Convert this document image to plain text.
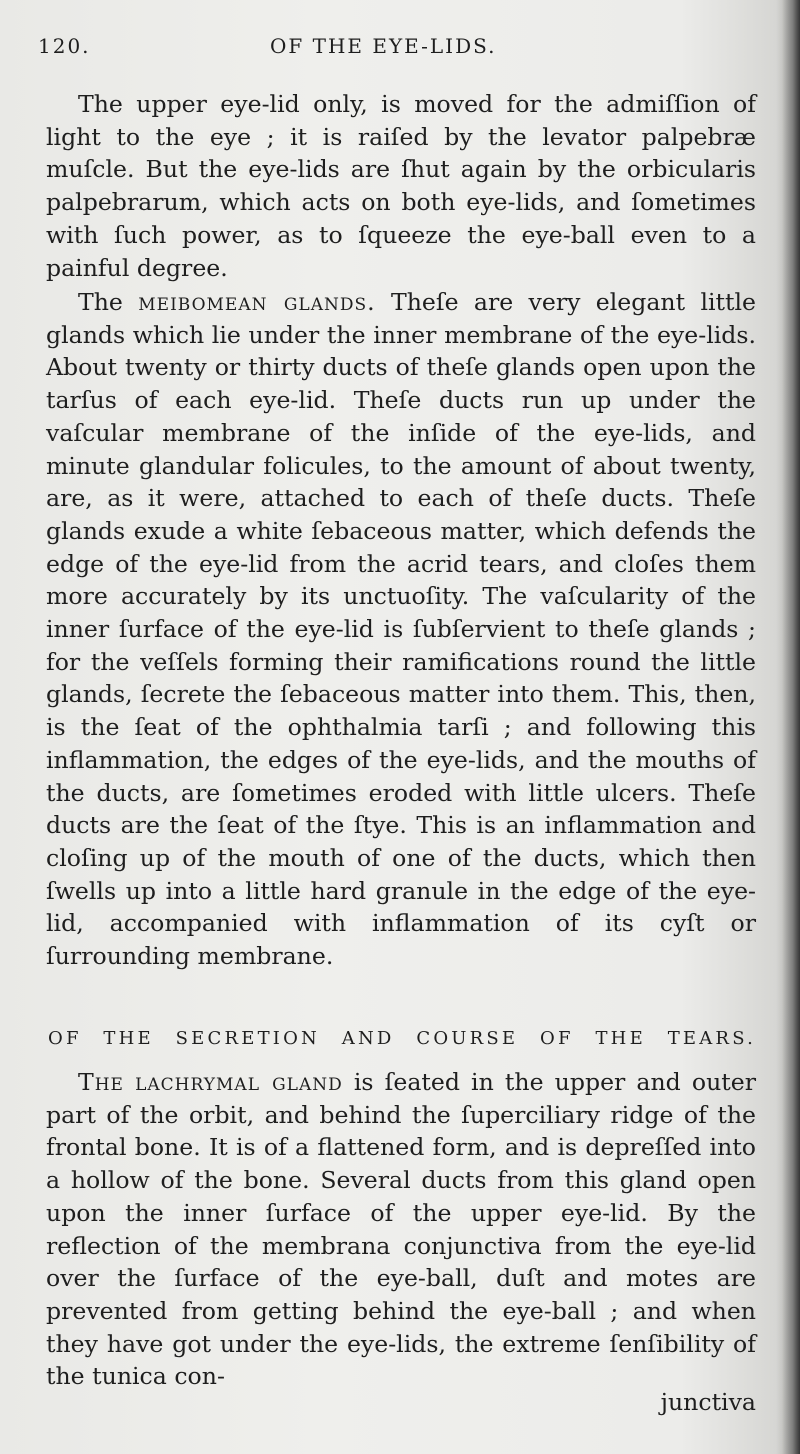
120.	OF THE EYE-LIDS.

The upper eye-lid only, is moved for the admiſſion of light to the eye ; it is raiſed by the levator palpebræ muſcle. But the eye-lids are ſhut again by the orbicularis palpebrarum, which acts on both eye-lids, and ſometimes with ſuch power, as to ſqueeze the eye-ball even to a painful degree.

The meibomean glands. Theſe are very elegant little glands which lie under the inner membrane of the eye-lids. About twenty or thirty ducts of theſe glands open upon the tarſus of each eye-lid. Theſe ducts run up under the vaſcular membrane of the inſide of the eye-lids, and minute glandular folicules, to the amount of about twenty, are, as it were, attached to each of theſe ducts. Theſe glands exude a white ſebaceous matter, which defends the edge of the eye-lid from the acrid tears, and cloſes them more accurately by its unctuoſity. The vaſcularity of the inner ſurface of the eye-lid is ſubſervient to theſe glands ; for the veſſels forming their ramifications round the little glands, ſecrete the ſebaceous matter into them. This, then, is the ſeat of the ophthalmia tarſi ; and following this inflammation, the edges of the eye-lids, and the mouths of the ducts, are ſometimes eroded with little ulcers. Theſe ducts are the ſeat of the ſtye. This is an inflammation and cloſing up of the mouth of one of the ducts, which then ſwells up into a little hard granule in the edge of the eye-lid, accompanied with inflammation of its cyſt or ſurrounding membrane.

OF THE SECRETION AND COURSE OF THE TEARS.

The lachrymal gland is ſeated in the upper and outer part of the orbit, and behind the ſuperciliary ridge of the frontal bone. It is of a flattened form, and is depreſſed into a hollow of the bone. Several ducts from this gland open upon the inner ſurface of the upper eye-lid. By the reflection of the membrana conjunctiva from the eye-lid over the ſurface of the eye-ball, duſt and motes are prevented from getting behind the eye-ball ; and when they have got under the eye-lids, the extreme ſenſibility of the tunica con-

junctiva
